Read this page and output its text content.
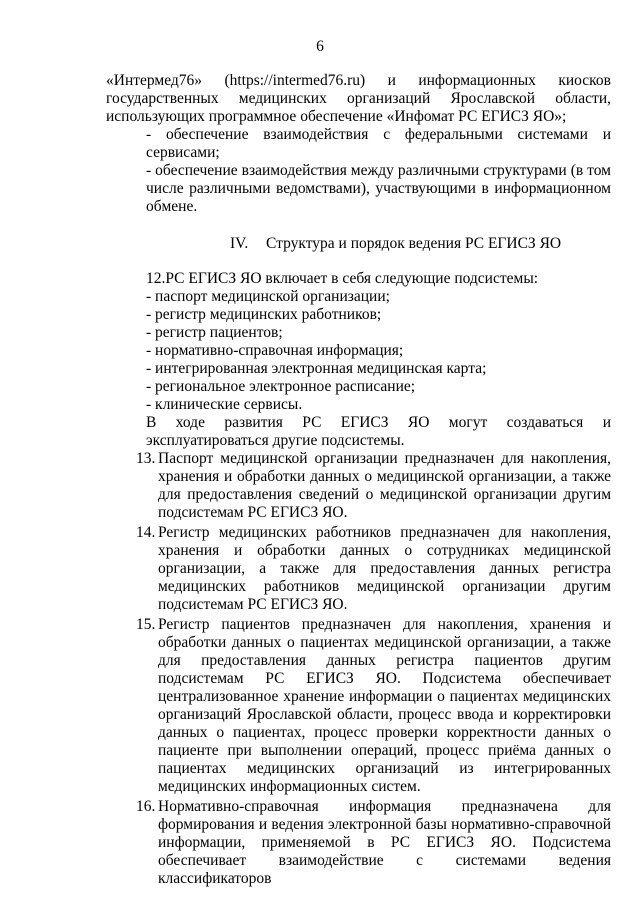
6

«Интермед76» (https://intermed76.ru) и информационных киосков государственных медицинских организаций Ярославской области, использующих программное обеспечение «Инфомат РС ЕГИСЗ ЯО»;

- обеспечение взаимодействия с федеральными системами и сервисами;

- обеспечение взаимодействия между различными структурами (в том числе различными ведомствами), участвующими в информационном обмене.

IV. Структура и порядок ведения РС ЕГИСЗ ЯО

12.РС ЕГИСЗ ЯО включает в себя следующие подсистемы:

- паспорт медицинской организации;

- регистр медицинских работников;

- регистр пациентов;

- нормативно-справочная информация;

- интегрированная электронная медицинская карта;

- региональное электронное расписание;

- клинические сервисы.

В ходе развития РС ЕГИСЗ ЯО могут создаваться и эксплуатироваться другие подсистемы.

13. Паспорт медицинской организации предназначен для накопления, хранения и обработки данных о медицинской организации, а также для предоставления сведений о медицинской организации другим подсистемам РС ЕГИСЗ ЯО.
14. Регистр медицинских работников предназначен для накопления, хранения и обработки данных о сотрудниках медицинской организации, а также для предоставления данных регистра медицинских работников медицинской организации другим подсистемам РС ЕГИСЗ ЯО.
15. Регистр пациентов предназначен для накопления, хранения и обработки данных о пациентах медицинской организации, а также для предоставления данных регистра пациентов другим подсистемам РС ЕГИСЗ ЯО. Подсистема обеспечивает централизованное хранение информации о пациентах медицинских организаций Ярославской области, процесс ввода и корректировки данных о пациентах, процесс проверки корректности данных о пациенте при выполнении операций, процесс приёма данных о пациентах медицинских организаций из интегрированных медицинских информационных систем.
16. Нормативно-справочная информация предназначена для формирования и ведения электронной базы нормативно-справочной информации, применяемой в РС ЕГИСЗ ЯО. Подсистема обеспечивает взаимодействие с системами ведения классификаторов
